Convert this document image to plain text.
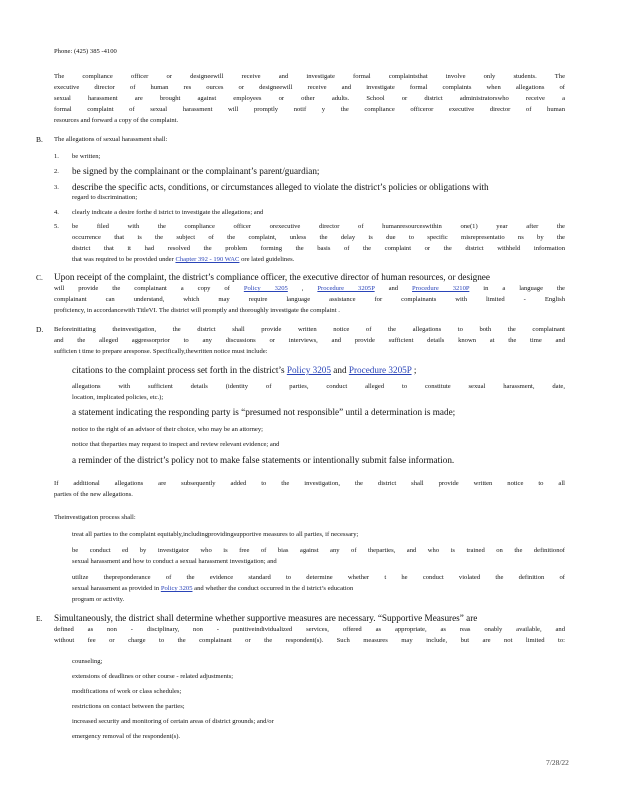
Phone: (425) 385 -4100
The compliance officer or designeewill receive and investigate formal complaintsthat involve only students. The
executive director of human res ources or designeewill receive and investigate formal complaints when allegations of
sexual harassment are brought against employees or other adults. School or district administratorswho receive a
formal complaint of sexual harassment will promptly notif y the compliance officeror executive director of human
resources and forward a copy of the complaint.
B. The allegations of sexual harassment shall:
1. be written;
2. be signed by the complainant or the complainant’s parent/guardian;
3. describe the specific acts, conditions, or circumstances alleged to violate the district’s policies or obligations with
regard to discrimination;
4. clearly indicate a desire forthe d istrict to investigate the allegations; and
5. be filed with the compliance officer orexecutive director of humanresourceswithin one(1) year after the
occurrence that is the subject of the complaint, unless the delay is due to specific misrepresentatio ns by the
district that it had resolved the problem forming the basis of the complaint or the district withheld information
that was required to be provided under Chapter 392 - 190 WAC ore lated guidelines.
C. Upon receipt of the complaint, the district’s compliance officer, the executive director of human resources, or designee
will provide the complainant a copy of Policy 3205 , Procedure 3205P and Procedure 3210P in a language the
complainant can understand, which may require language assistance for complainants with limited - English
proficiency, in accordancewith TitleVI. The district will promptly and thoroughly investigate the complaint .
D. Beforeinitiating theinvestigation, the district shall provide written notice of the allegations to both the complainant
and the alleged aggressorprior to any discussions or interviews, and provide sufficient details known at the time and
sufficien t time to prepare aresponse. Specifically,thewritten notice must include:
citations to the complaint process set forth in the district’s Policy 3205 and Procedure 3205P ;
allegations with sufficient details (identity of parties, conduct alleged to constitute sexual harassment, date,
location, implicated policies, etc.);
a statement indicating the responding party is “presumed not responsible” until a determination is made;
notice to the right of an advisor of their choice, who may be an attorney;
notice that theparties may request to inspect and review relevant evidence; and
a reminder of the district’s policy not to make false statements or intentionally submit false information.
If additional allegations are subsequently added to the investigation, the district shall provide written notice to all
parties of the new allegations.
Theinvestigation process shall:
treat all parties to the complaint equitably,includingprovidingsupportive measures to all parties, if necessary;
be conduct ed by investigator who is free of bias against any of theparties, and who is trained on the definitionof
sexual harassment and how to conduct a sexual harassment investigation; and
utilize thepreponderance of the evidence standard to determine whether t he conduct violated the definition of
sexual harassment as provided in Policy 3205 and whether the conduct occurred in the d istrict’s education
program or activity.
E. Simultaneously, the district shall determine whether supportive measures are necessary. “Supportive Measures” are
defined as non - disciplinary, non - punitiveindividualized services, offered as appropriate, as reas onably available, and
without fee or charge to the complainant or the respondent(s). Such measures may include, but are not limited to:
counseling;
extensions of deadlines or other course - related adjustments;
modifications of work or class schedules;
restrictions on contact between the parties;
increased security and monitoring of certain areas of district grounds; and/or
emergency removal of the respondent(s).
7/28/22
